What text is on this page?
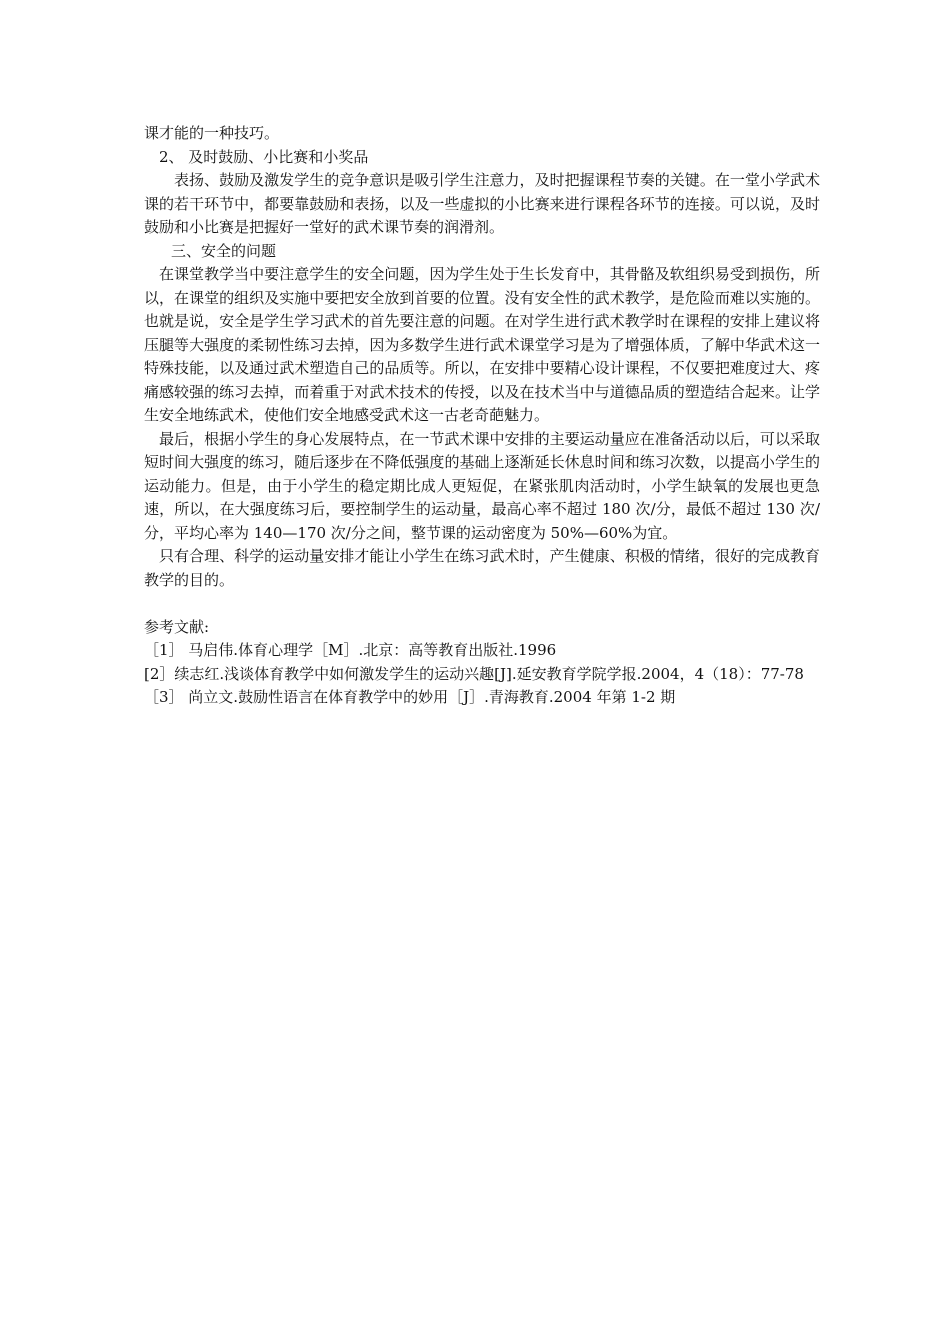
课才能的一种技巧。

2、 及时鼓励、小比赛和小奖品

表扬、鼓励及激发学生的竞争意识是吸引学生注意力，及时把握课程节奏的关键。在一堂小学武术课的若干环节中，都要靠鼓励和表扬，以及一些虚拟的小比赛来进行课程各环节的连接。可以说，及时鼓励和小比赛是把握好一堂好的武术课节奏的润滑剂。

三、安全的问题

在课堂教学当中要注意学生的安全问题，因为学生处于生长发育中，其骨骼及软组织易受到损伤，所以，在课堂的组织及实施中要把安全放到首要的位置。没有安全性的武术教学，是危险而难以实施的。也就是说，安全是学生学习武术的首先要注意的问题。在对学生进行武术教学时在课程的安排上建议将压腿等大强度的柔韧性练习去掉，因为多数学生进行武术课堂学习是为了增强体质，了解中华武术这一特殊技能，以及通过武术塑造自己的品质等。所以，在安排中要精心设计课程，不仅要把难度过大、疼痛感较强的练习去掉，而着重于对武术技术的传授，以及在技术当中与道德品质的塑造结合起来。让学生安全地练武术，使他们安全地感受武术这一古老奇葩魅力。

最后，根据小学生的身心发展特点，在一节武术课中安排的主要运动量应在准备活动以后，可以采取短时间大强度的练习，随后逐步在不降低强度的基础上逐渐延长休息时间和练习次数，以提高小学生的运动能力。但是，由于小学生的稳定期比成人更短促，在紧张肌肉活动时，小学生缺氧的发展也更急速，所以，在大强度练习后，要控制学生的运动量，最高心率不超过 180 次/分，最低不超过 130 次/分，平均心率为 140—170 次/分之间，整节课的运动密度为 50%—60%为宜。

只有合理、科学的运动量安排才能让小学生在练习武术时，产生健康、积极的情绪，很好的完成教育教学的目的。

参考文献:

［1］ 马启伟.体育心理学［M］.北京：高等教育出版社.1996

[2］续志红.浅谈体育教学中如何激发学生的运动兴趣[J].延安教育学院学报.2004，4（18）：77-78

［3］ 尚立文.鼓励性语言在体育教学中的妙用［J］.青海教育.2004 年第 1-2 期
